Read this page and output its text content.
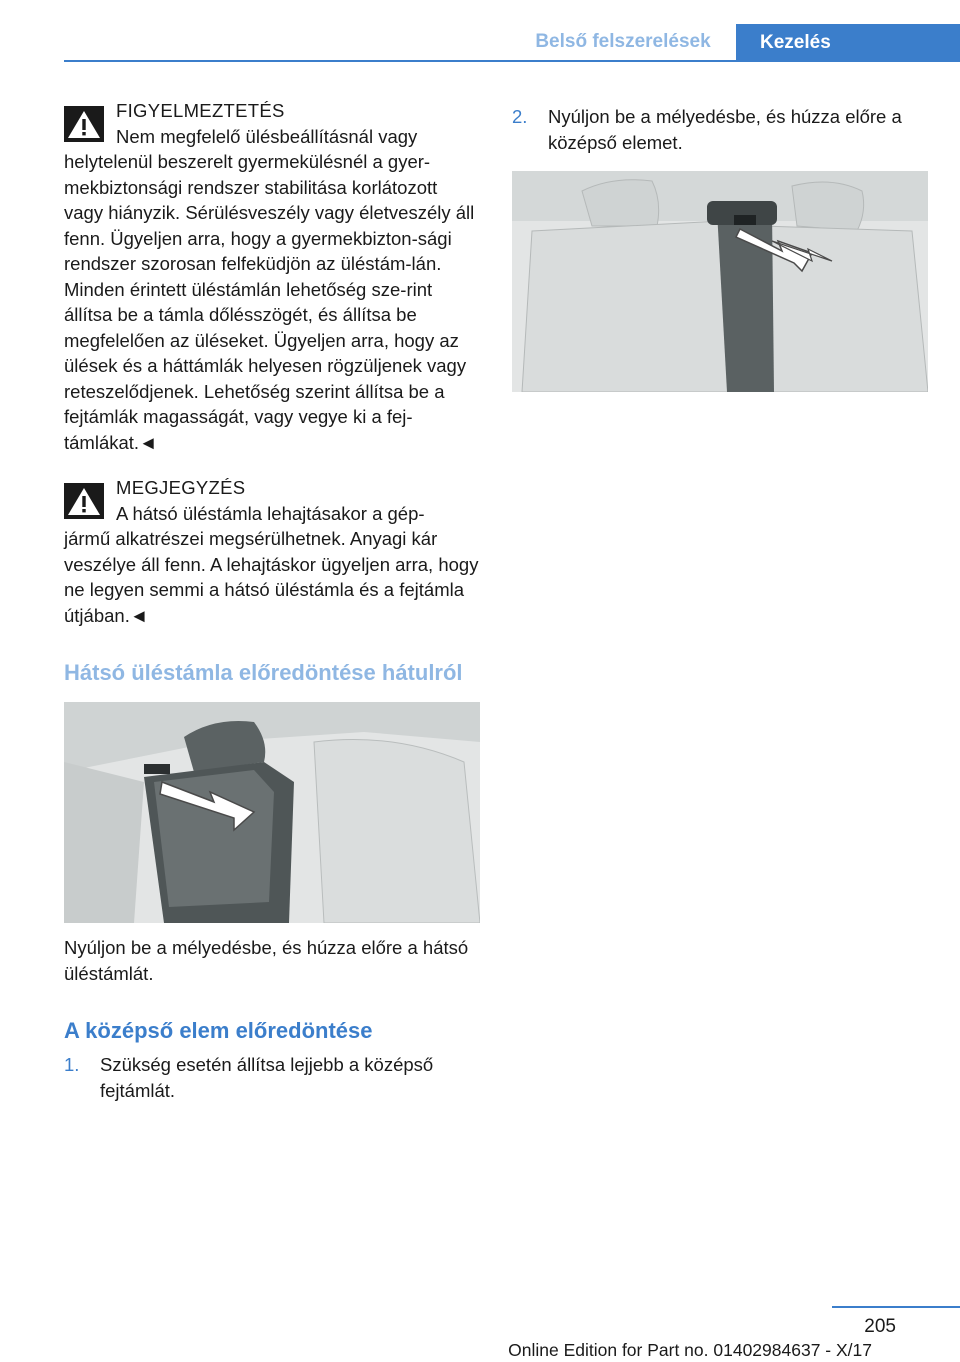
Belső felszerelések	Kezelés
FIGYELMEZTETÉS
Nem megfelelő ülésbeállításnál vagy
helytelenül beszerelt gyermekülésnél a gyer-mekbiztonsági rendszer stabilitása korlátozott vagy hiányzik. Sérülésveszély vagy életveszély áll fenn. Ügyeljen arra, hogy a gyermekbizton-sági rendszer szorosan felfeküdjön az üléstám-lán. Minden érintett üléstámlán lehetőség sze-rint állítsa be a támla dőlésszögét, és állítsa be megfelelően az üléseket. Ügyeljen arra, hogy az ülések és a háttámlák helyesen rögzüljenek vagy reteszelődjenek. Lehetőség szerint állítsa be a fejtámlák magasságát, vagy vegye ki a fej-támlákat.◄
MEGJEGYZÉS
A hátsó üléstámla lehajtásakor a gép-
jármű alkatrészei megsérülhetnek. Anyagi kár veszélye áll fenn. A lehajtáskor ügyeljen arra, hogy ne legyen semmi a hátsó üléstámla és a fejtámla útjában.◄
Hátsó üléstámla előredöntése hátulról

Nyúljon be a mélyedésbe, és húzza előre a hátsó üléstámlát.

A középső elem előredöntése
1. Szükség esetén állítsa lejjebb a középső fejtámlát.
2. Nyúljon be a mélyedésbe, és húzza előre a középső elemet.
205
Online Edition for Part no. 01402984637 - X/17
